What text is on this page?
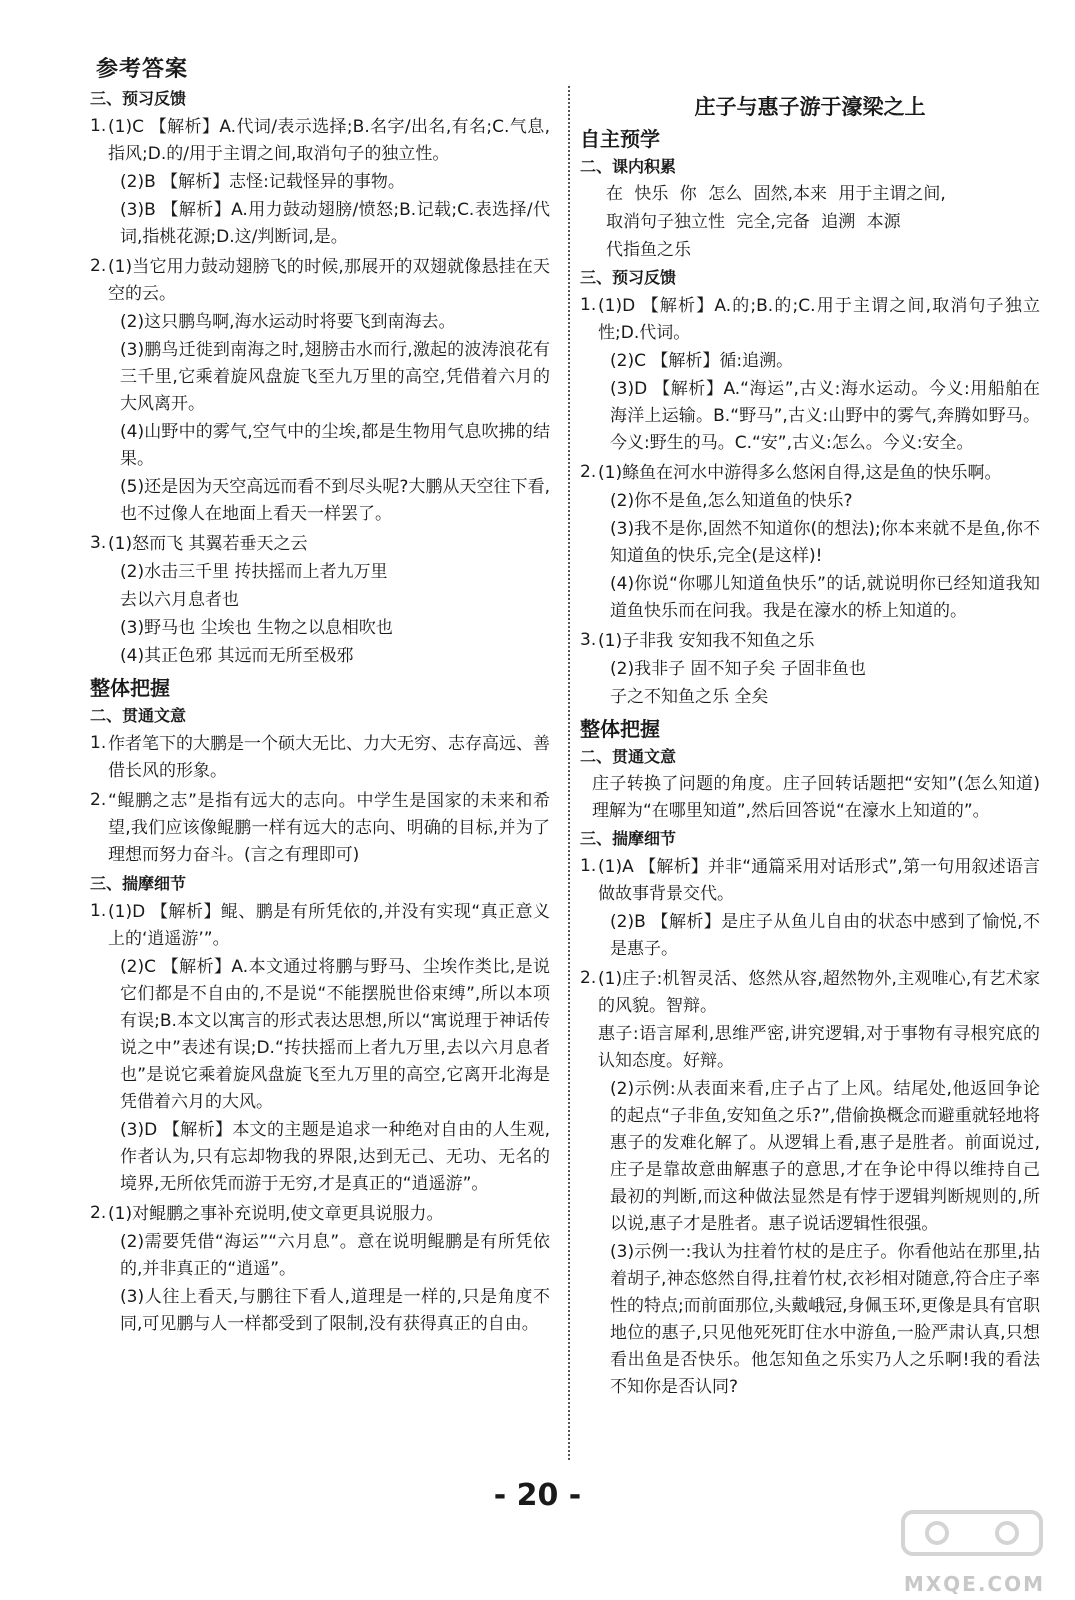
参考答案
三、预习反馈
1. (1)C 【解析】A.代词/表示选择;B.名字/出名,有名;C.气息,指风;D.的/用于主谓之间,取消句子的独立性。
(2)B 【解析】志怪:记载怪异的事物。
(3)B 【解析】A.用力鼓动翅膀/愤怒;B.记载;C.表选择/代词,指桃花源;D.这/判断词,是。
2. (1)当它用力鼓动翅膀飞的时候,那展开的双翅就像悬挂在天空的云。
(2)这只鹏鸟啊,海水运动时将要飞到南海去。
(3)鹏鸟迁徙到南海之时,翅膀击水而行,激起的波涛浪花有三千里,它乘着旋风盘旋飞至九万里的高空,凭借着六月的大风离开。
(4)山野中的雾气,空气中的尘埃,都是生物用气息吹拂的结果。
(5)还是因为天空高远而看不到尽头呢?大鹏从天空往下看,也不过像人在地面上看天一样罢了。
3. (1)怒而飞 其翼若垂天之云
(2)水击三千里 抟扶摇而上者九万里
去以六月息者也
(3)野马也 尘埃也 生物之以息相吹也
(4)其正色邪 其远而无所至极邪
整体把握
二、贯通文意
1. 作者笔下的大鹏是一个硕大无比、力大无穷、志存高远、善借长风的形象。
2. “鲲鹏之志”是指有远大的志向。中学生是国家的未来和希望,我们应该像鲲鹏一样有远大的志向、明确的目标,并为了理想而努力奋斗。(言之有理即可)
三、揣摩细节
1. (1)D 【解析】鲲、鹏是有所凭依的,并没有实现“真正意义上的‘逍遥游’”。
(2)C 【解析】A.本文通过将鹏与野马、尘埃作类比,是说它们都是不自由的,不是说“不能摆脱世俗束缚”,所以本项有误;B.本文以寓言的形式表达思想,所以“寓说理于神话传说之中”表述有误;D.“抟扶摇而上者九万里,去以六月息者也”是说它乘着旋风盘旋飞至九万里的高空,它离开北海是凭借着六月的大风。
(3)D 【解析】本文的主题是追求一种绝对自由的人生观,作者认为,只有忘却物我的界限,达到无己、无功、无名的境界,无所依凭而游于无穷,才是真正的“逍遥游”。
2. (1)对鲲鹏之事补充说明,使文章更具说服力。
(2)需要凭借“海运”“六月息”。意在说明鲲鹏是有所凭依的,并非真正的“逍遥”。
(3)人往上看天,与鹏往下看人,道理是一样的,只是角度不同,可见鹏与人一样都受到了限制,没有获得真正的自由。
庄子与惠子游于濠梁之上
自主预学
二、课内积累
在 快乐 你 怎么 固然,本来 用于主谓之间,
取消句子独立性 完全,完备 追溯 本源
代指鱼之乐
三、预习反馈
1. (1)D 【解析】A.的;B.的;C.用于主谓之间,取消句子独立性;D.代词。
(2)C 【解析】循:追溯。
(3)D 【解析】A.“海运”,古义:海水运动。今义:用船舶在海洋上运输。B.“野马”,古义:山野中的雾气,奔腾如野马。今义:野生的马。C.“安”,古义:怎么。今义:安全。
2. (1)鲦鱼在河水中游得多么悠闲自得,这是鱼的快乐啊。
(2)你不是鱼,怎么知道鱼的快乐?
(3)我不是你,固然不知道你(的想法);你本来就不是鱼,你不知道鱼的快乐,完全(是这样)!
(4)你说“你哪儿知道鱼快乐”的话,就说明你已经知道我知道鱼快乐而在问我。我是在濠水的桥上知道的。
3. (1)子非我 安知我不知鱼之乐
(2)我非子 固不知子矣 子固非鱼也
子之不知鱼之乐 全矣
整体把握
二、贯通文意
庄子转换了问题的角度。庄子回转话题把“安知”(怎么知道)理解为“在哪里知道”,然后回答说“在濠水上知道的”。
三、揣摩细节
1. (1)A 【解析】并非“通篇采用对话形式”,第一句用叙述语言做故事背景交代。
(2)B 【解析】是庄子从鱼儿自由的状态中感到了愉悦,不是惠子。
2. (1)庄子:机智灵活、悠然从容,超然物外,主观唯心,有艺术家的风貌。智辩。
惠子:语言犀利,思维严密,讲究逻辑,对于事物有寻根究底的认知态度。好辩。
(2)示例:从表面来看,庄子占了上风。结尾处,他返回争论的起点“子非鱼,安知鱼之乐?”,借偷换概念而避重就轻地将惠子的发难化解了。从逻辑上看,惠子是胜者。前面说过,庄子是靠故意曲解惠子的意思,才在争论中得以维持自己最初的判断,而这种做法显然是有悖于逻辑判断规则的,所以说,惠子才是胜者。惠子说话逻辑性很强。
(3)示例一:我认为拄着竹杖的是庄子。你看他站在那里,拈着胡子,神态悠然自得,拄着竹杖,衣衫相对随意,符合庄子率性的特点;而前面那位,头戴峨冠,身佩玉环,更像是具有官职地位的惠子,只见他死死盯住水中游鱼,一脸严肃认真,只想看出鱼是否快乐。他怎知鱼之乐实乃人之乐啊!我的看法不知你是否认同?
- 20 -
MXQE.COM
